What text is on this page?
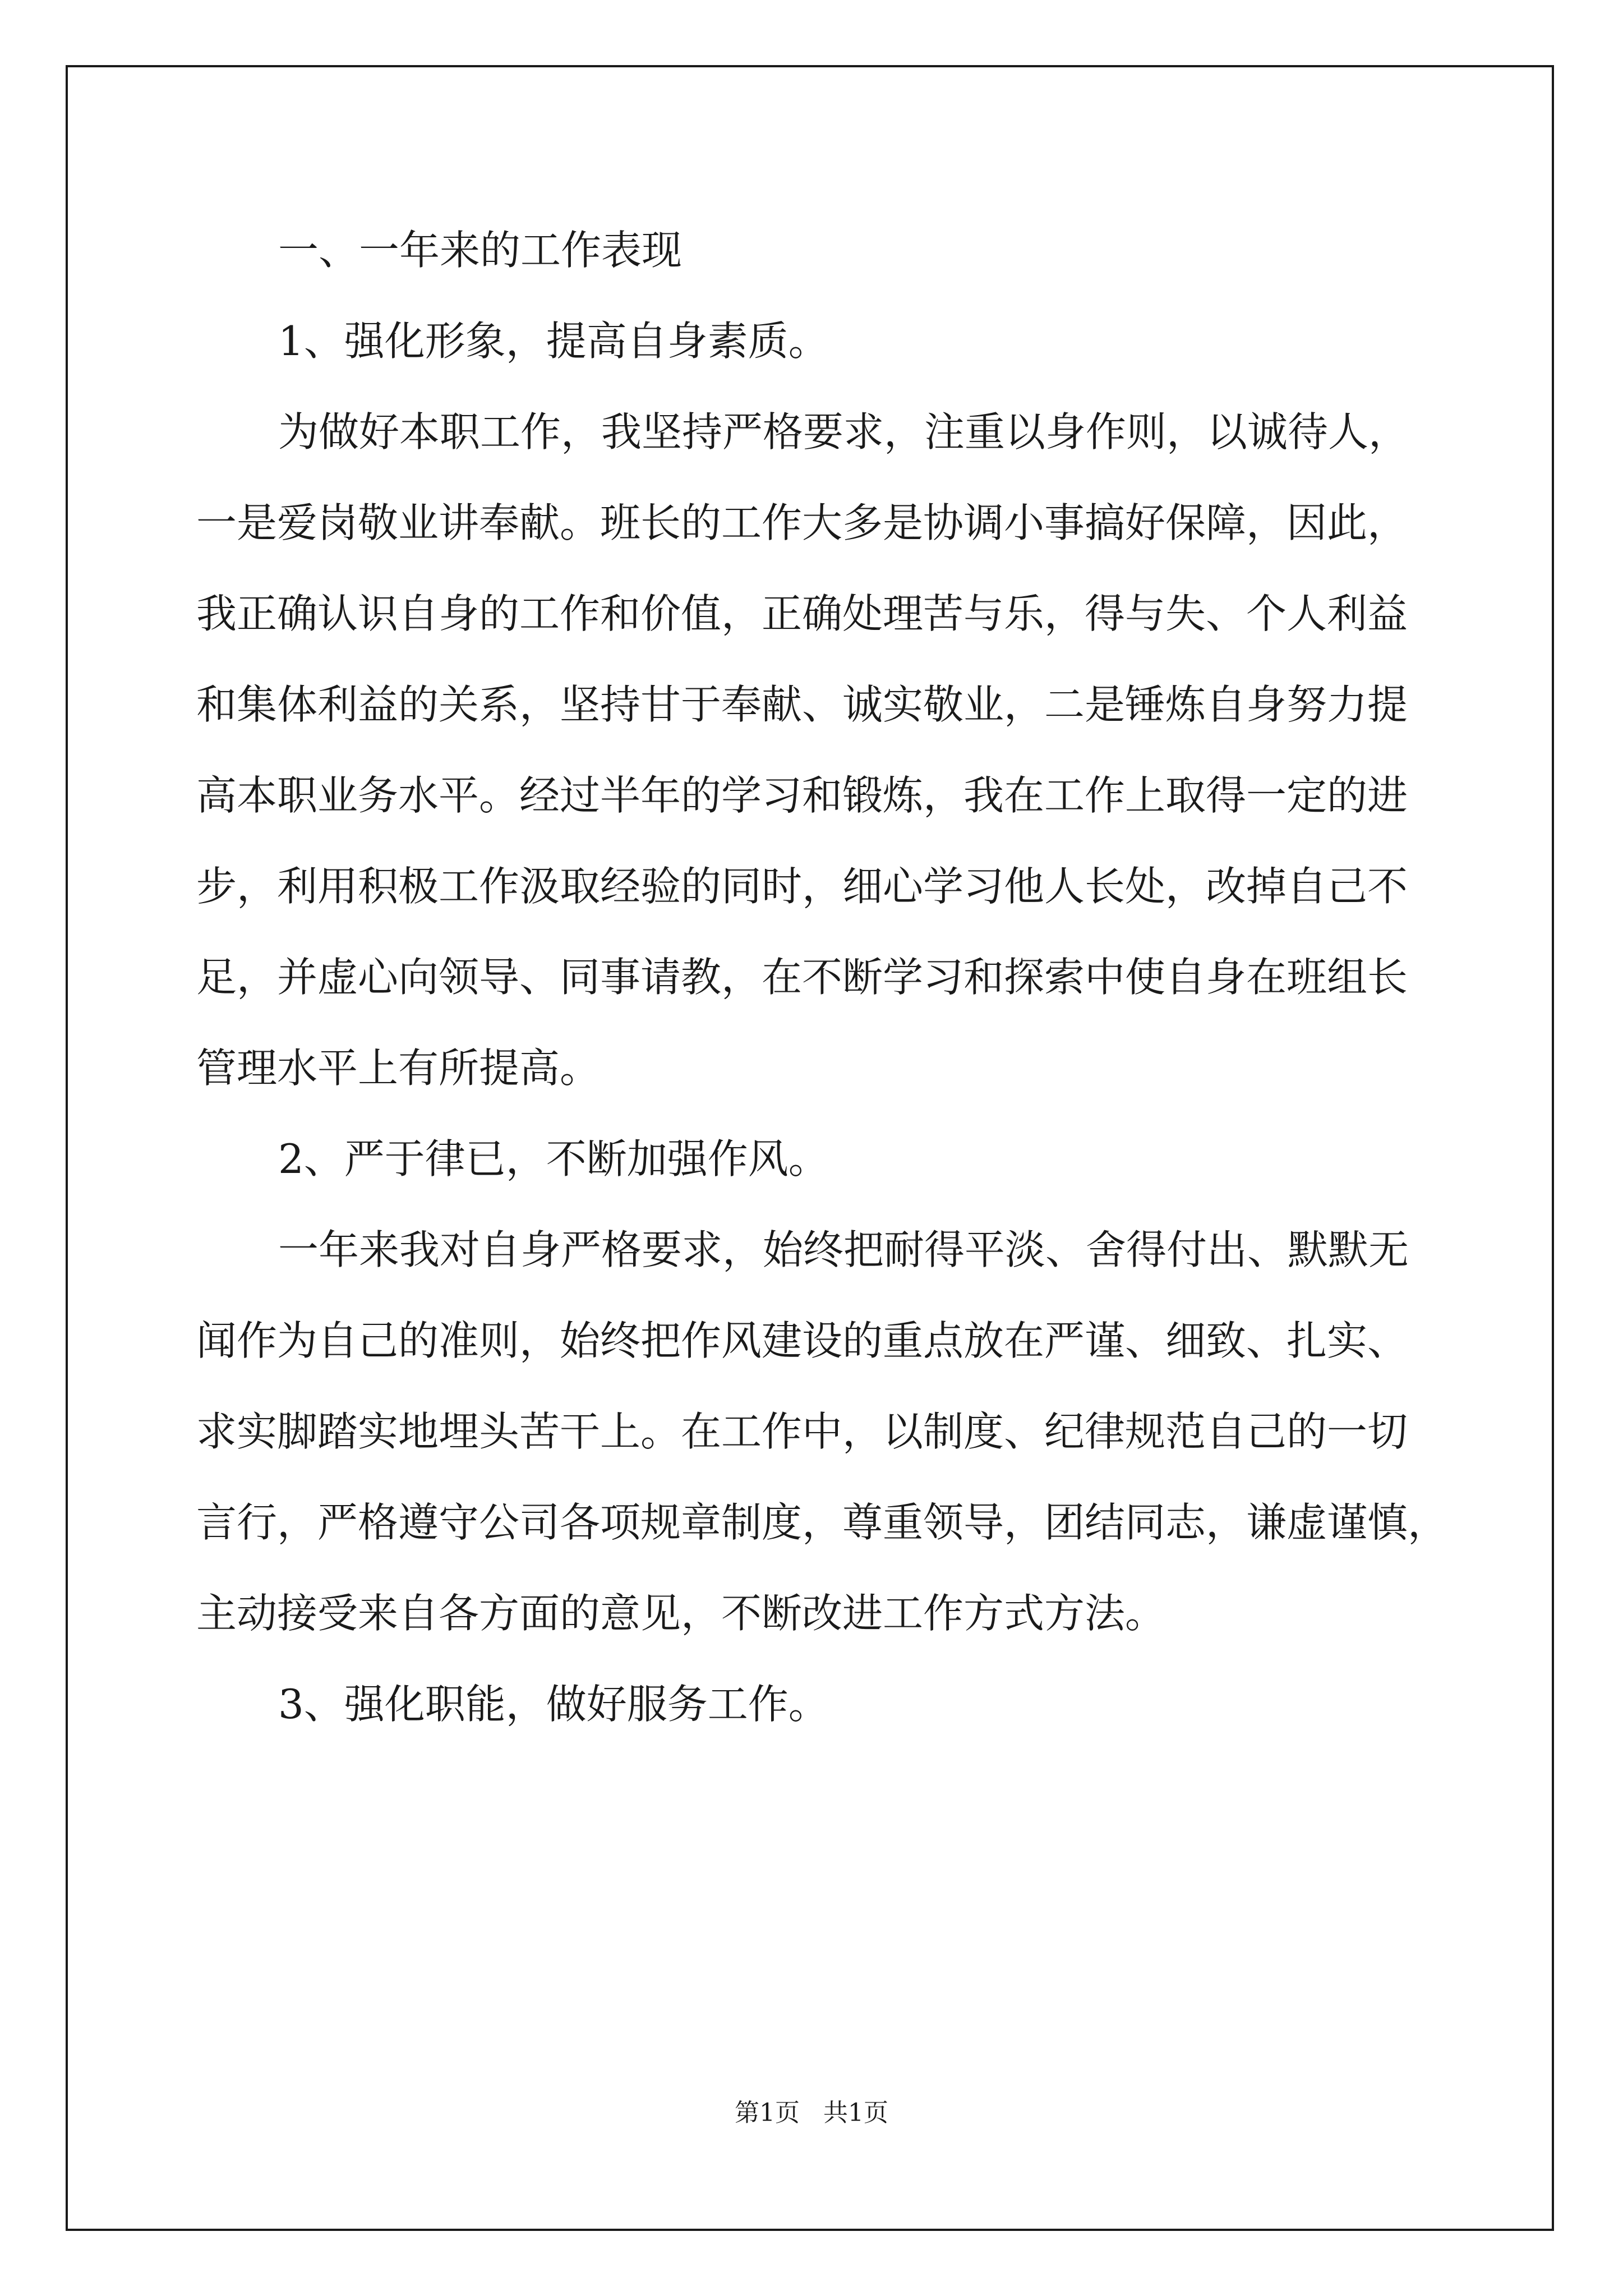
一、一年来的工作表现
1、强化形象，提高自身素质。
为做好本职工作，我坚持严格要求，注重以身作则，以诚待人，
一是爱岗敬业讲奉献。班长的工作大多是协调小事搞好保障，因此，
我正确认识自身的工作和价值，正确处理苦与乐，得与失、个人利益
和集体利益的关系，坚持甘于奉献、诚实敬业，二是锤炼自身努力提
高本职业务水平。经过半年的学习和锻炼，我在工作上取得一定的进
步，利用积极工作汲取经验的同时，细心学习他人长处，改掉自己不
足，并虚心向领导、同事请教，在不断学习和探索中使自身在班组长
管理水平上有所提高。
2、严于律已，不断加强作风。
一年来我对自身严格要求，始终把耐得平淡、舍得付出、默默无
闻作为自己的准则，始终把作风建设的重点放在严谨、细致、扎实、
求实脚踏实地埋头苦干上。在工作中，以制度、纪律规范自己的一切
言行，严格遵守公司各项规章制度，尊重领导，团结同志，谦虚谨慎，
主动接受来自各方面的意见，不断改进工作方式方法。
3、强化职能，做好服务工作。
第1页   共1页
